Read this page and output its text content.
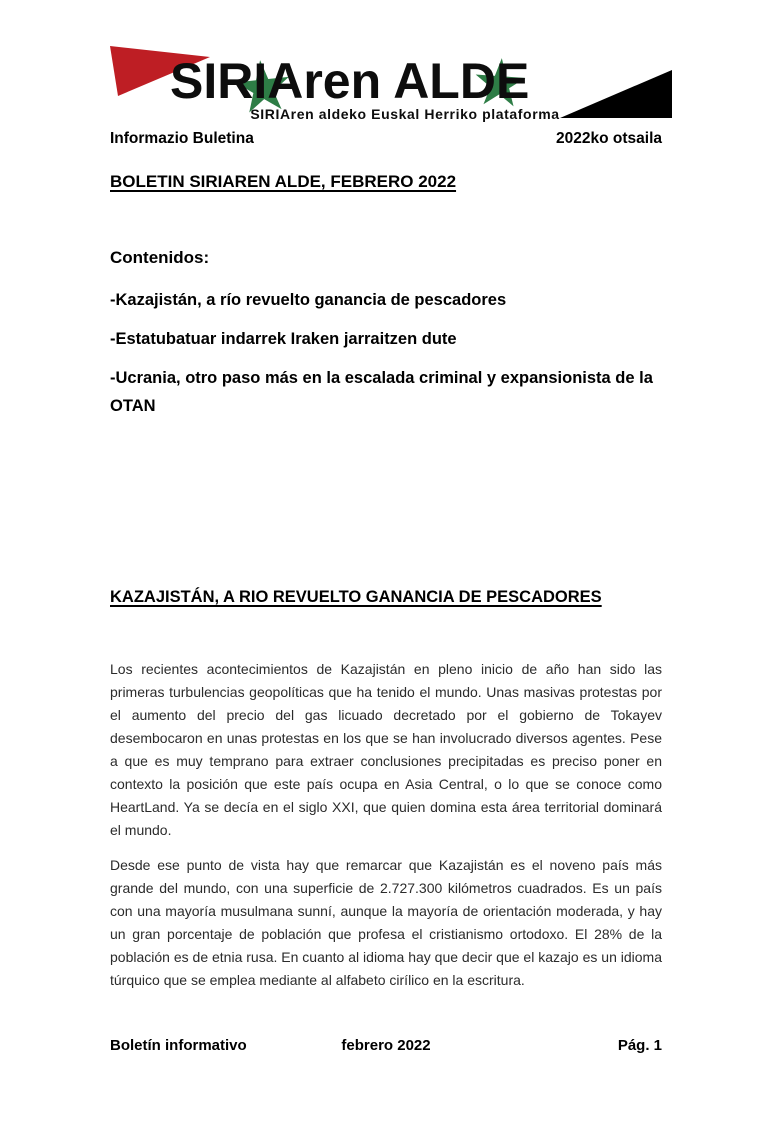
SIRIAren ALDE
SIRIAren aldeko Euskal Herriko plataforma
Informazio Buletina	2022ko otsaila
BOLETIN SIRIAREN ALDE, FEBRERO 2022
Contenidos:
-Kazajistán, a río revuelto ganancia de pescadores
-Estatubatuar indarrek Iraken jarraitzen dute
-Ucrania, otro paso más en la escalada criminal y expansionista de la OTAN
KAZAJISTÁN, A RIO REVUELTO GANANCIA DE PESCADORES

Los recientes acontecimientos de Kazajistán en pleno inicio de año han sido las primeras turbulencias geopolíticas que ha tenido el mundo. Unas masivas protestas por el aumento del precio del gas licuado decretado por el gobierno de Tokayev desembocaron en unas protestas en los que se han involucrado diversos agentes. Pese a que es muy temprano para extraer conclusiones precipitadas es preciso poner en contexto la posición que este país ocupa en Asia Central, o lo que se conoce como HeartLand. Ya se decía en el siglo XXI, que quien domina esta área territorial dominará el mundo.

Desde ese punto de vista hay que remarcar que Kazajistán es el noveno país más grande del mundo, con una superficie de 2.727.300 kilómetros cuadrados. Es un país con una mayoría musulmana sunní, aunque la mayoría de orientación moderada, y hay un gran porcentaje de población que profesa el cristianismo ortodoxo. El 28% de la población es de etnia rusa. En cuanto al idioma hay que decir que el kazajo es un idioma túrquico que se emplea mediante al alfabeto cirílico en la escritura.

Boletín informativo	febrero 2022	Pág. 1
